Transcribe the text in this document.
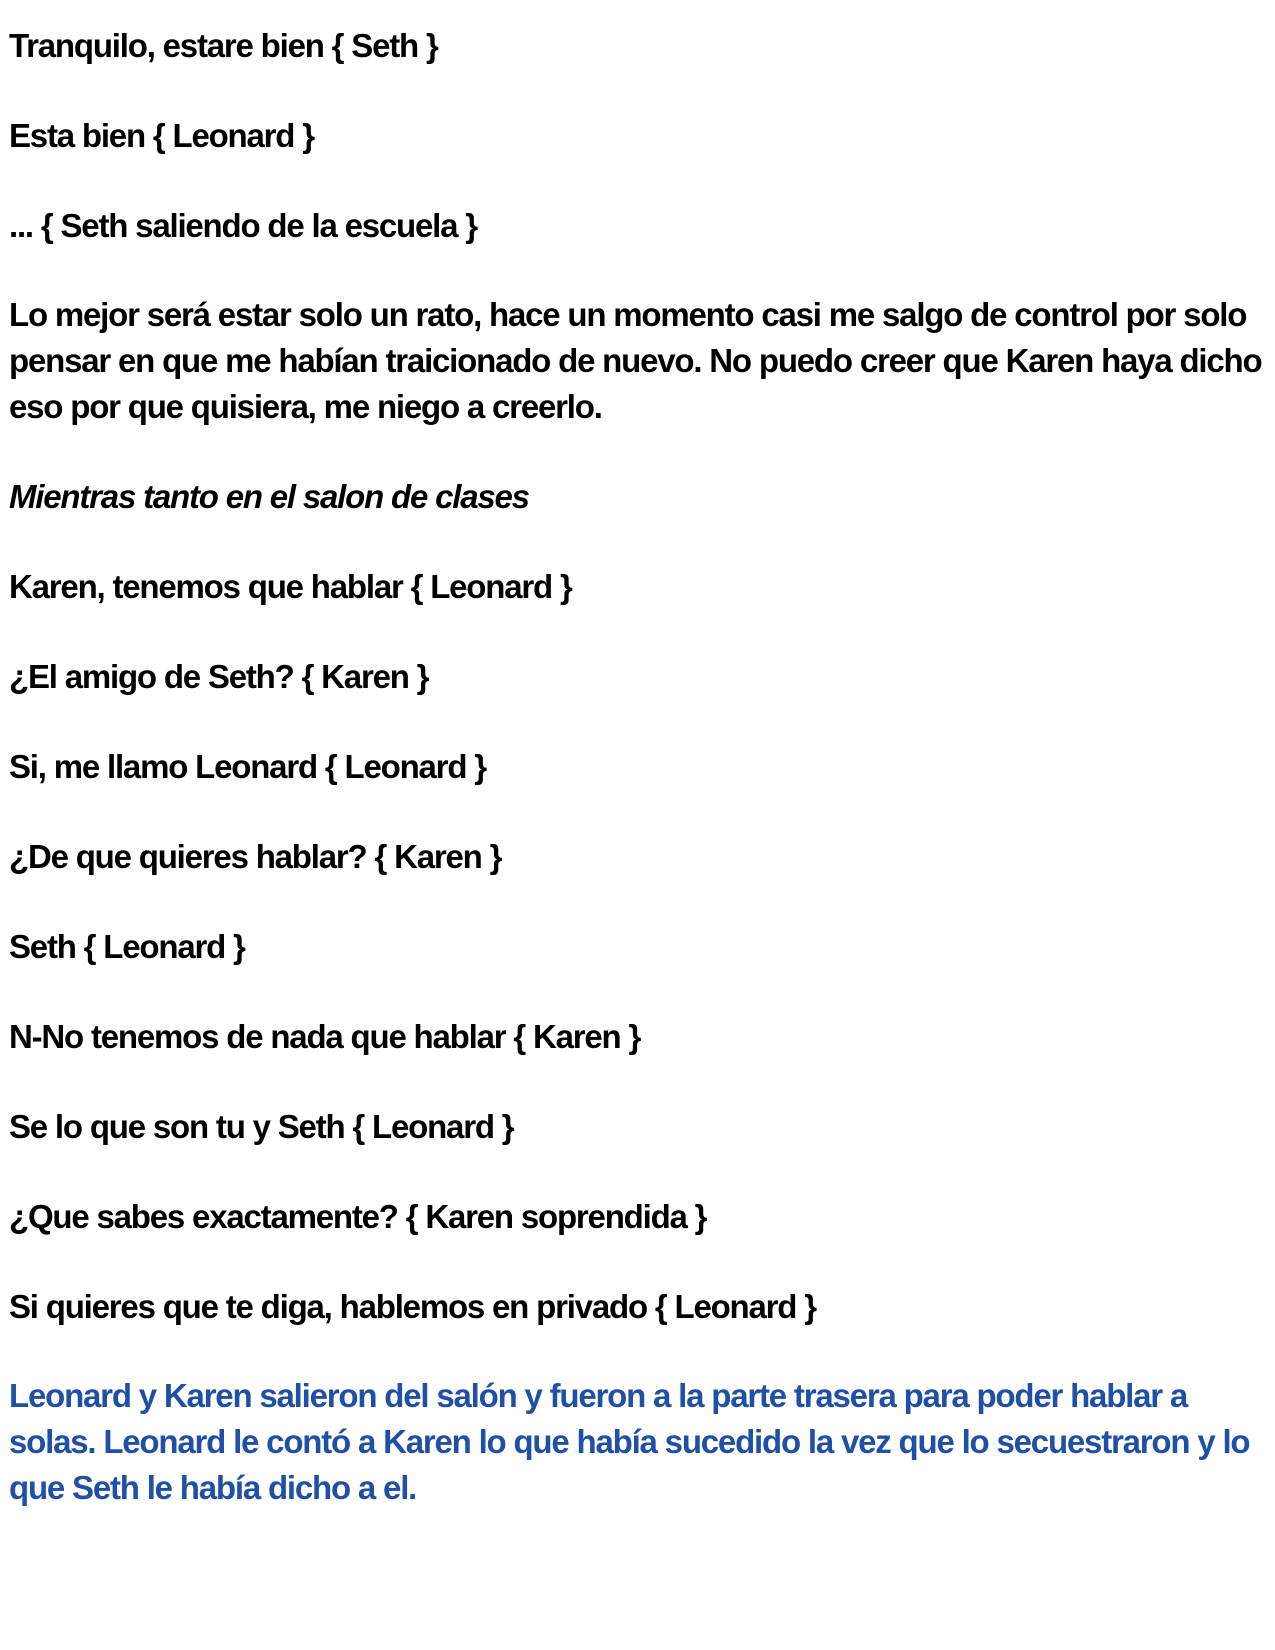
Tranquilo, estare bien { Seth }

Esta bien { Leonard }

... { Seth saliendo de la escuela }

Lo mejor será estar solo un rato, hace un momento casi me salgo de control por solo pensar en que me habían traicionado de nuevo. No puedo creer que Karen haya dicho eso por que quisiera, me niego a creerlo.

Mientras tanto en el salon de clases

Karen, tenemos que hablar { Leonard }

¿El amigo de Seth? { Karen }

Si, me llamo Leonard { Leonard }

¿De que quieres hablar? { Karen }

Seth { Leonard }

N-No tenemos de nada que hablar { Karen }

Se lo que son tu y Seth { Leonard }

¿Que sabes exactamente? { Karen soprendida }

Si quieres que te diga, hablemos en privado { Leonard }

Leonard y Karen salieron del salón y fueron a la parte trasera para poder hablar a solas. Leonard le contó a Karen lo que había sucedido la vez que lo secuestraron y lo que Seth le había dicho a el.
